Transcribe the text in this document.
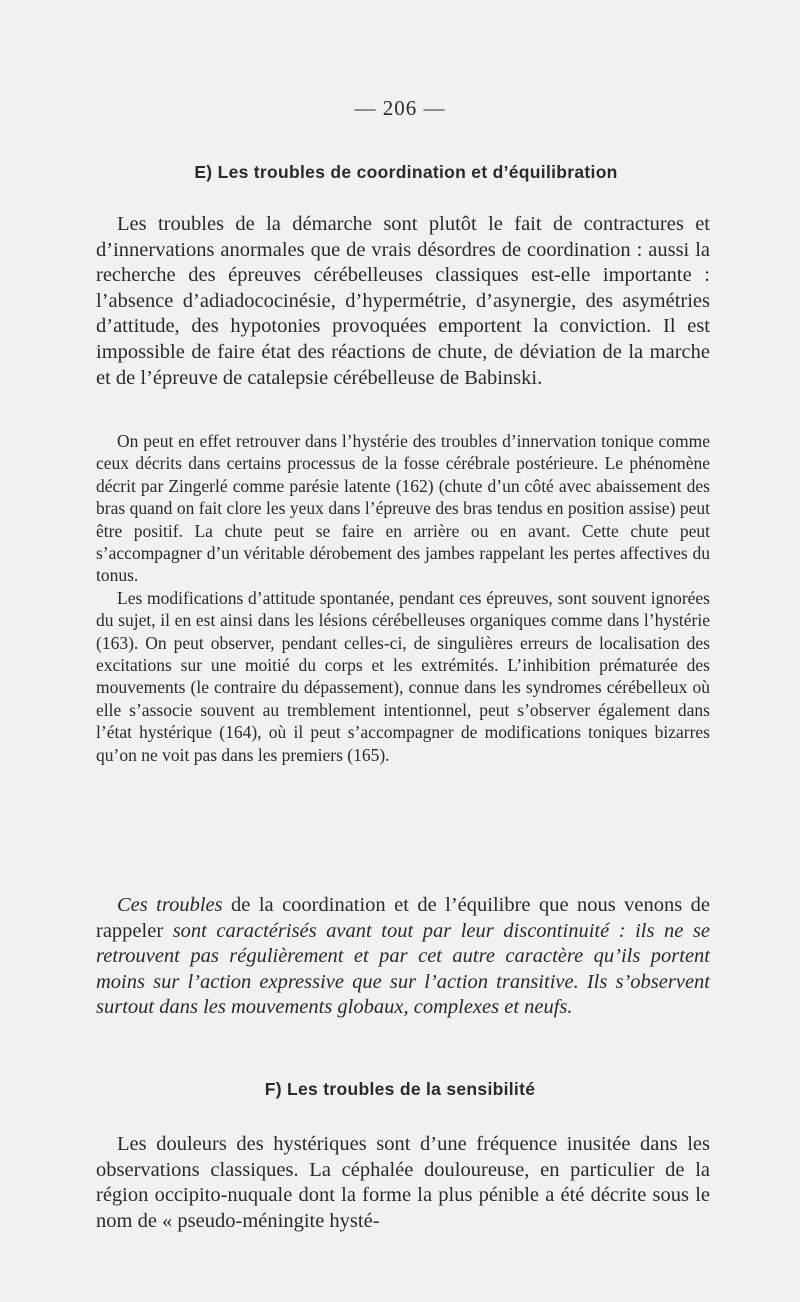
— 206 —
E) Les troubles de coordination et d’équilibration

Les troubles de la démarche sont plutôt le fait de contractures et d’innervations anormales que de vrais désordres de coordination : aussi la recherche des épreuves cérébelleuses classiques est-elle importante : l’absence d’adiadococinésie, d’hypermétrie, d’asynergie, des asymétries d’attitude, des hypotonies provoquées emportent la conviction. Il est impossible de faire état des réactions de chute, de déviation de la marche et de l’épreuve de catalepsie cérébelleuse de Babinski.

On peut en effet retrouver dans l’hystérie des troubles d’innervation tonique comme ceux décrits dans certains processus de la fosse cérébrale postérieure. Le phénomène décrit par Zingerlé comme parésie latente (162) (chute d’un côté avec abaissement des bras quand on fait clore les yeux dans l’épreuve des bras tendus en position assise) peut être positif. La chute peut se faire en arrière ou en avant. Cette chute peut s’accompagner d’un véritable dérobement des jambes rappelant les pertes affectives du tonus.

Les modifications d’attitude spontanée, pendant ces épreuves, sont souvent ignorées du sujet, il en est ainsi dans les lésions cérébelleuses organiques comme dans l’hystérie (163). On peut observer, pendant celles-ci, de singulières erreurs de localisation des excitations sur une moitié du corps et les extrémités. L’inhibition prématurée des mouvements (le contraire du dépassement), connue dans les syndromes cérébelleux où elle s’associe souvent au tremblement intentionnel, peut s’observer également dans l’état hystérique (164), où il peut s’accompagner de modifications toniques bizarres qu’on ne voit pas dans les premiers (165).

Ces troubles de la coordination et de l’équilibre que nous venons de rappeler sont caractérisés avant tout par leur discontinuité : ils ne se retrouvent pas régulièrement et par cet autre caractère qu’ils portent moins sur l’action expressive que sur l’action transitive. Ils s’observent surtout dans les mouvements globaux, complexes et neufs.

F) Les troubles de la sensibilité

Les douleurs des hystériques sont d’une fréquence inusitée dans les observations classiques. La céphalée douloureuse, en particulier de la région occipito-nuquale dont la forme la plus pénible a été décrite sous le nom de « pseudo-méningite hysté-
